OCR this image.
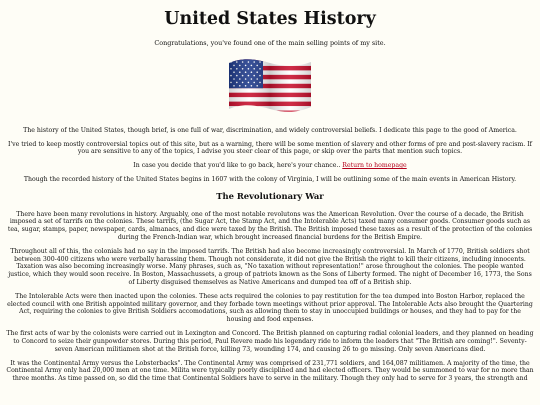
United States History

Congratulations, you've found one of the main selling points of my site.

The history of the United States, though brief, is one full of war, discrimination, and widely controversial beliefs. I dedicate this page to the good of America.

I've tried to keep mostly controversial topics out of this site, but as a warning, there will be some mention of slavery and other forms of pre and post-slavery racism. If you are sensitive to any of the topics, I advise you steer clear of this page, or skip over the parts that mention such topics.

In case you decide that you'd like to go back, here's your chance.. Return to homepage

Though the recorded history of the United States begins in 1607 with the colony of Virginia, I will be outlining some of the main events in American History.

The Revolutionary War

There have been many revolutions in history. Arguably, one of the most notable revolutons was the American Revolution. Over the course of a decade, the British imposed a set of tarrifs on the colonies. These tarrifs, (the Sugar Act, the Stamp Act, and the Intolerable Acts) taxed many consumer goods. Consumer goods such as tea, sugar, stamps, paper, newspaper, cards, almanacs, and dice were taxed by the British. The British imposed these taxes as a result of the protection of the colonies during the French-Indian war, which brought increased financial burdens for the British Empire.

Throughout all of this, the colonials had no say in the imposed tarrifs. The British had also become increasingly controversial. In March of 1770, British soldiers shot between 300-400 citizens who were verbally harassing them. Though not considerate, it did not give the British the right to kill their citizens, including innocents. Taxation was also becoming increasingly worse. Many phrases, such as, "No taxation without representation!" arose throughout the colonies. The people wanted justice, which they would soon receive. In Boston, Massachussets, a group of patriots known as the Sons of Liberty formed. The night of December 16, 1773, the Sons of Liberty disguised themselves as Native Americans and dumped tea off of a British ship.

The Intolerable Acts were then inacted upon the colonies. These acts required the colonies to pay restitution for the tea dumped into Boston Harbor, replaced the elected council with one British appointed military governor, and they forbade town meetings without prior approval. The Intolerable Acts also brought the Quartering Act, requiring the colonies to give British Soldiers accomodations, such as allowing them to stay in unoccupied buildings or houses, and they had to pay for the housing and food expenses.

The first acts of war by the colonists were carried out in Lexington and Concord. The British planned on capturing radial colonial leaders, and they planned on heading to Concord to seize their gunpowder stores. During this period, Paul Revere made his legendary ride to inform the leaders that "The British are coming!". Seventy-seven American militiamen shot at the British force, killing 73, wounding 174, and causing 26 to go missing. Only seven Americans died.

It was the Continental Army versus the Lobsterbacks". The Continental Army was comprised of 231,771 soldiers, and 164,087 militiamen. A majority of the time, the Continental Army only had 20,000 men at one time. Milita were typically poorly disciplined and had elected officers. They would be summoned to war for no more than three months. As time passed on, so did the time that Continental Soldiers have to serve in the military. Though they only had to serve for 3 years, the strength and
